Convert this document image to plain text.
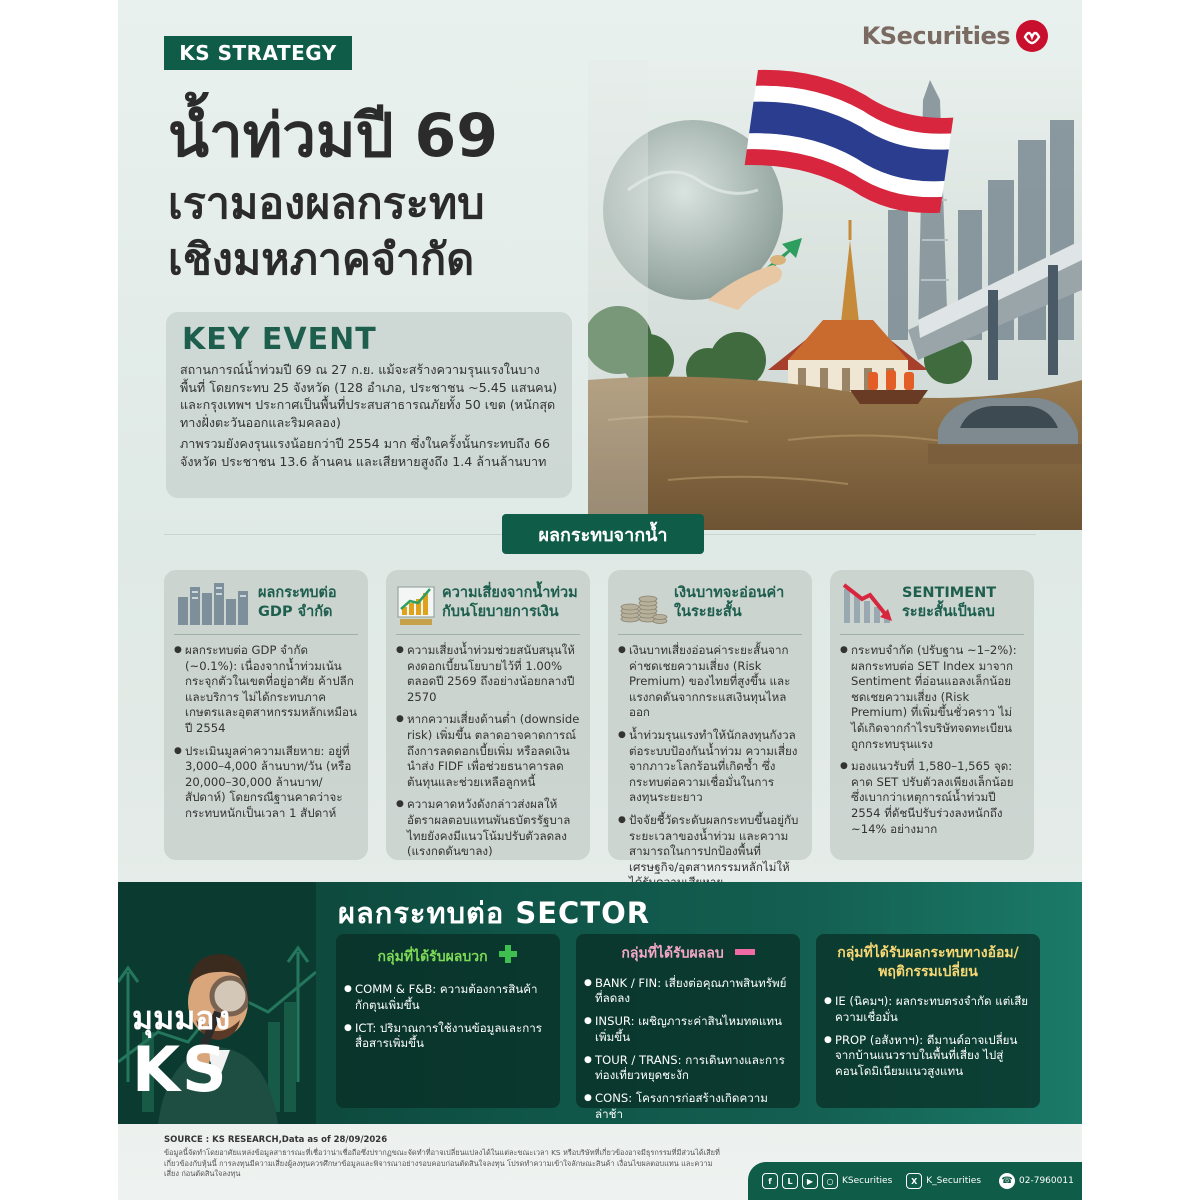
KS STRATEGY
KSecurities
น้ำท่วมปี 69
เรามองผลกระทบ
เชิงมหภาคจำกัด
KEY EVENT

สถานการณ์น้ำท่วมปี 69 ณ 27 ก.ย. แม้จะสร้างความรุนแรงในบางพื้นที่ โดยกระทบ 25 จังหวัด (128 อำเภอ, ประชาชน ~5.45 แสนคน) และกรุงเทพฯ ประกาศเป็นพื้นที่ประสบสาธารณภัยทั้ง 50 เขต (หนักสุดทางฝั่งตะวันออกและริมคลอง)

ภาพรวมยังคงรุนแรงน้อยกว่าปี 2554 มาก ซึ่งในครั้งนั้นกระทบถึง 66 จังหวัด ประชาชน 13.6 ล้านคน และเสียหายสูงถึง 1.4 ล้านล้านบาท

ผลกระทบจากน้ำ
ผลกระทบต่อ
GDP จำกัด
● ผลกระทบต่อ GDP จำกัด (~0.1%): เนื่องจากน้ำท่วมเน้นกระจุกตัวในเขตที่อยู่อาศัย ค้าปลีก และบริการ ไม่ได้กระทบภาคเกษตรและอุตสาหกรรมหลักเหมือนปี 2554
● ประเมินมูลค่าความเสียหาย: อยู่ที่ 3,000–4,000 ล้านบาท/วัน (หรือ 20,000–30,000 ล้านบาท/สัปดาห์) โดยกรณีฐานคาดว่าจะกระทบหนักเป็นเวลา 1 สัปดาห์
ความเสี่ยงจากน้ำท่วม
กับนโยบายการเงิน
● ความเสี่ยงน้ำท่วมช่วยสนับสนุนให้คงดอกเบี้ยนโยบายไว้ที่ 1.00% ตลอดปี 2569 ถึงอย่างน้อยกลางปี 2570
● หากความเสี่ยงด้านต่ำ (downside risk) เพิ่มขึ้น ตลาดอาจคาดการณ์ถึงการลดดอกเบี้ยเพิ่ม หรือลดเงินนำส่ง FIDF เพื่อช่วยธนาคารลดต้นทุนและช่วยเหลือลูกหนี้
● ความคาดหวังดังกล่าวส่งผลให้อัตราผลตอบแทนพันธบัตรรัฐบาลไทยยังคงมีแนวโน้มปรับตัวลดลง (แรงกดดันขาลง)
เงินบาทจะอ่อนค่า
ในระยะสั้น
● เงินบาทเสี่ยงอ่อนค่าระยะสั้นจากค่าชดเชยความเสี่ยง (Risk Premium) ของไทยที่สูงขึ้น และแรงกดดันจากกระแสเงินทุนไหลออก
● น้ำท่วมรุนแรงทำให้นักลงทุนกังวลต่อระบบป้องกันน้ำท่วม ความเสี่ยงจากภาวะโลกร้อนที่เกิดซ้ำ ซึ่งกระทบต่อความเชื่อมั่นในการลงทุนระยะยาว
● ปัจจัยชี้วัดระดับผลกระทบขึ้นอยู่กับระยะเวลาของน้ำท่วม และความสามารถในการปกป้องพื้นที่เศรษฐกิจ/อุตสาหกรรมหลักไม่ให้
SENTIMENT
ระยะสั้นเป็นลบ
● กระทบจำกัด (ปรับฐาน ~1–2%): ผลกระทบต่อ SET Index มาจาก Sentiment ที่อ่อนแอลงเล็กน้อย ชดเชยความเสี่ยง (Risk Premium) ที่เพิ่มขึ้นชั่วคราว ไม่ได้เกิดจากกำไรบริษัทจดทะเบียนถูกกระทบรุนแรง
● มองแนวรับที่ 1,580–1,565 จุด: คาด SET ปรับตัวลงเพียงเล็กน้อย ซึ่งเบากว่าเหตุการณ์น้ำท่วมปี 2554 ที่ดัชนีปรับร่วงลงหนักถึง ~14% อย่างมาก
มุมมอง
KS
ผลกระทบต่อ SECTOR
กลุ่มที่ได้รับผลบวก
● COMM & F&B: ความต้องการสินค้ากักตุนเพิ่มขึ้น
● ICT: ปริมาณการใช้งานข้อมูลและการสื่อสารเพิ่มขึ้น
กลุ่มที่ได้รับผลลบ
● BANK / FIN: เสี่ยงต่อคุณภาพสินทรัพย์ที่ลดลง
● INSUR: เผชิญภาระค่าสินไหมทดแทนเพิ่มขึ้น
● TOUR / TRANS: การเดินทางและการท่องเที่ยวหยุดชะงัก
● CONS: โครงการก่อสร้างเกิดความล่าช้า
กลุ่มที่ได้รับผลกระทบทางอ้อม/ พฤติกรรมเปลี่ยน
● IE (นิคมฯ): ผลกระทบตรงจำกัด แต่เสียความเชื่อมั่น
● PROP (อสังหาฯ): ดีมานด์อาจเปลี่ยนจากบ้านแนวราบในพื้นที่เสี่ยง ไปสู่คอนโดมิเนียมแนวสูงแทน
SOURCE : KS RESEARCH,Data as of 28/09/2026
ข้อมูลนี้จัดทำโดยอาศัยแหล่งข้อมูลสาธารณะที่เชื่อว่าน่าเชื่อถือซึ่งปรากฏขณะจัดทำที่อาจเปลี่ยนแปลงได้ในแต่ละขณะเวลา KS หรือบริษัทที่เกี่ยวข้องอาจมีธุรกรรมที่มีส่วนได้เสียที่เกี่ยวข้องกับหุ้นนี้ การลงทุนมีความเสี่ยงผู้ลงทุนควรศึกษาข้อมูลและพิจารณาอย่างรอบคอบก่อนตัดสินใจลงทุน โปรดทำความเข้าใจลักษณะสินค้า เงื่อนไขผลตอบแทน และความเสี่ยง ก่อนตัดสินใจลงทุน
f	L	▶	○ KSecurities	X K_Securities ☎ 02-7960011
